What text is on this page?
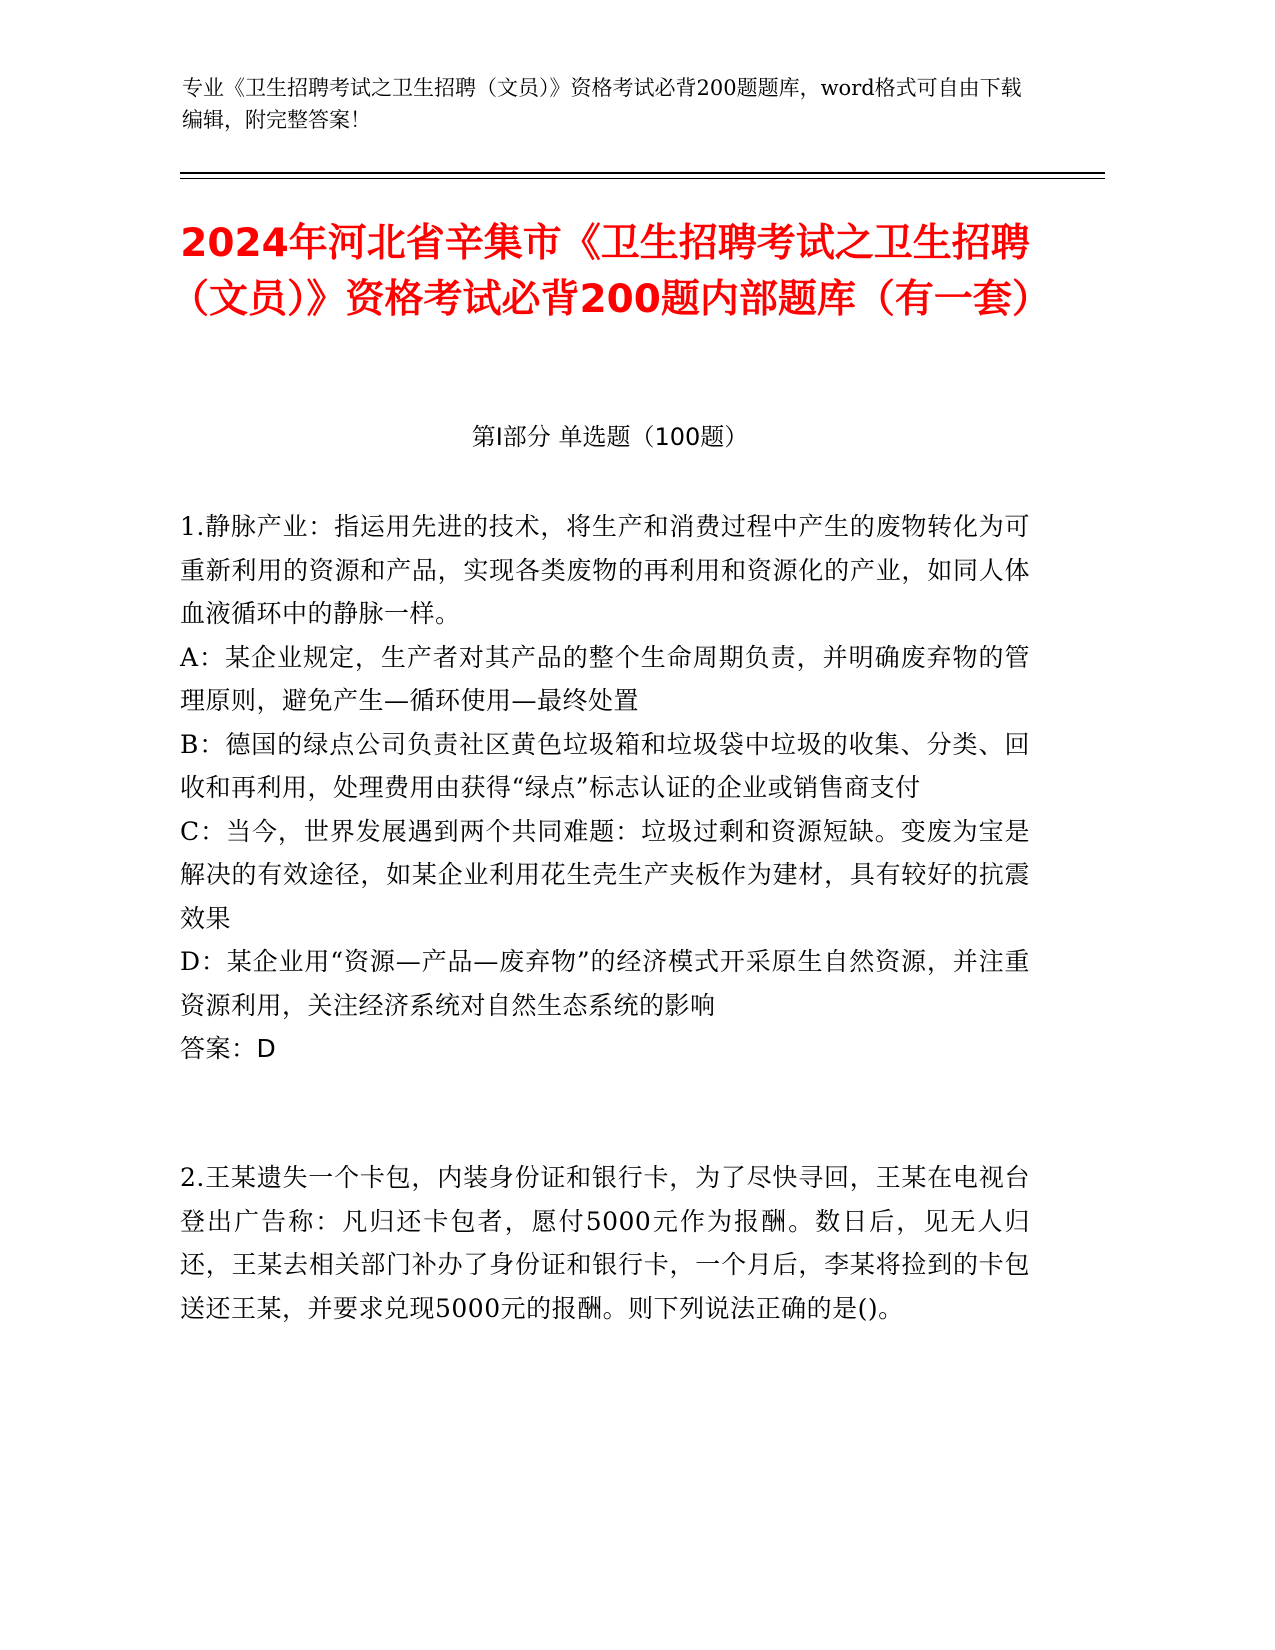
专业《卫生招聘考试之卫生招聘（文员）》资格考试必背200题题库，word格式可自由下载编辑，附完整答案！
2024年河北省辛集市《卫生招聘考试之卫生招聘（文员）》资格考试必背200题内部题库（有一套）
第I部分 单选题（100题）

1.静脉产业：指运用先进的技术，将生产和消费过程中产生的废物转化为可重新利用的资源和产品，实现各类废物的再利用和资源化的产业，如同人体血液循环中的静脉一样。

A：某企业规定，生产者对其产品的整个生命周期负责，并明确废弃物的管理原则，避免产生—循环使用—最终处置

B：德国的绿点公司负责社区黄色垃圾箱和垃圾袋中垃圾的收集、分类、回收和再利用，处理费用由获得“绿点”标志认证的企业或销售商支付

C：当今，世界发展遇到两个共同难题：垃圾过剩和资源短缺。变废为宝是解决的有效途径，如某企业利用花生壳生产夹板作为建材，具有较好的抗震效果

D：某企业用“资源—产品—废弃物”的经济模式开采原生自然资源，并注重资源利用，关注经济系统对自然生态系统的影响

答案：D

2.王某遗失一个卡包，内装身份证和银行卡，为了尽快寻回，王某在电视台登出广告称：凡归还卡包者，愿付5000元作为报酬。数日后，见无人归还，王某去相关部门补办了身份证和银行卡，一个月后，李某将捡到的卡包送还王某，并要求兑现5000元的报酬。则下列说法正确的是()。
